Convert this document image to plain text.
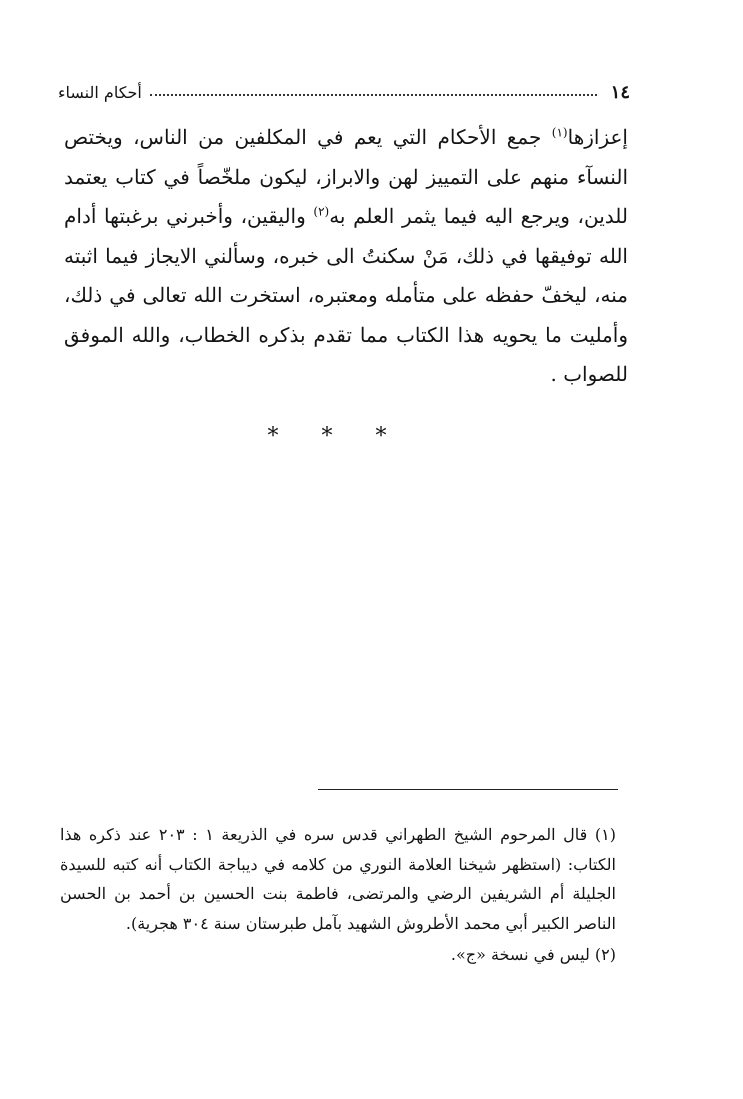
١٤
أحكام النساء

إعزازها$^{(١)}$ جمع الأحكام التي يعم في المكلفين من الناس، ويختص النسآء منهم على التمييز لهن والابراز، ليكون ملخّصاً في كتاب يعتمد للدين، ويرجع اليه فيما يثمر العلم به$^{(٢)}$ واليقين، وأخبرني برغبتها أدام الله توفيقها في ذلك، مَنْ سكنتُ الى خبره، وسألني الايجاز فيما اثبته منه، ليخفّ حفظه على متأمله ومعتبره، استخرت الله تعالى في ذلك، وأمليت ما يحويه هذا الكتاب مما تقدم بذكره الخطاب، والله الموفق للصواب .

* * *

(١) قال المرحوم الشيخ الطهراني قدس سره في الذريعة ١ : ٢٠٣ عند ذكره هذا الكتاب: (استظهر شيخنا العلامة النوري من كلامه في ديباجة الكتاب أنه كتبه للسيدة الجليلة أم الشريفين الرضي والمرتضى، فاطمة بنت الحسين بن أحمد بن الحسن الناصر الكبير أبي محمد الأطروش الشهيد بآمل طبرستان سنة ٣٠٤ هجرية).

(٢) ليس في نسخة «ج».
